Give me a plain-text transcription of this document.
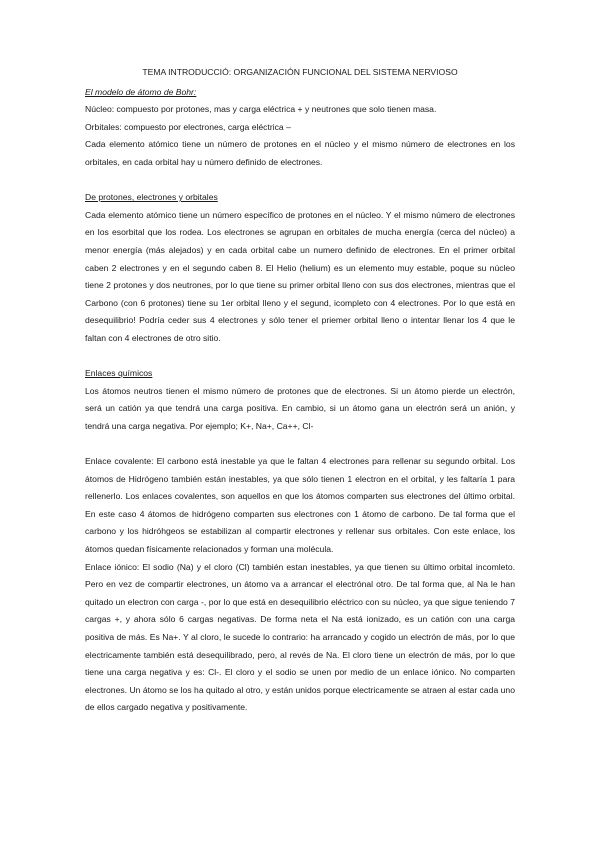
TEMA INTRODUCCIÓ: ORGANIZACIÓN FUNCIONAL DEL SISTEMA NERVIOSO

El modelo de átomo de Bohr:

Núcleo: compuesto por protones, mas y carga eléctrica + y neutrones que solo tienen masa.

Orbitales: compuesto por electrones, carga eléctrica –

Cada elemento atómico tiene un número de protones en el núcleo y el mismo número de electrones en los orbitales, en cada orbital hay u número definido de electrones.

De protones, electrones y orbitales

Cada elemento atómico tiene un número específico de protones en el núcleo. Y el mismo número de electrones en los esorbital que los rodea. Los electrones se agrupan en orbitales de mucha energía (cerca del núcleo) a menor energía (más alejados) y en cada orbital cabe un numero definido de electrones. En el primer orbital caben 2 electrones y en el segundo caben 8. El Helio (helium) es un elemento muy estable, poque su núcleo tiene 2 protones y dos neutrones, por lo que tiene su primer orbital lleno con sus dos electrones, mientras que el Carbono (con 6 protones) tiene su 1er orbital lleno y el segund, icompleto con 4 electrones. Por lo que está en desequilibrio! Podría ceder sus 4 electrones y sólo tener el priemer orbital lleno o intentar llenar los 4 que le faltan con 4 electrones de otro sitio.

Enlaces químicos

Los átomos neutros tienen el mismo número de protones que de electrones. Si un átomo pierde un electrón, será un catión ya que tendrá una carga positiva. En cambio, si un átomo gana un electrón será un anión, y tendrá una carga negativa. Por ejemplo; K+, Na+, Ca++, Cl-

Enlace covalente: El carbono está inestable ya que le faltan 4 electrones para rellenar su segundo orbital. Los átomos de Hidrógeno también están inestables, ya que sólo tienen 1 electron en el orbital, y les faltaría 1 para rellenerlo. Los enlaces covalentes, son aquellos en que los átomos comparten sus electrones del último orbital. En este caso 4 átomos de hidrógeno comparten sus electrones con 1 átomo de carbono. De tal forma que el carbono y los hidróhgeos se estabilizan al compartir electrones y rellenar sus orbitales. Con este enlace, los átomos quedan físicamente relacionados y forman una molécula.

Enlace iónico: El sodio (Na) y el cloro (Cl) también estan inestables, ya que tienen su último orbital incomleto. Pero en vez de compartir electrones, un átomo va a arrancar el electrónal otro. De tal forma que, al Na le han quitado un electron con carga -, por lo que está en desequilibrio eléctrico con su núcleo, ya que sigue teniendo 7 cargas +, y ahora sólo 6 cargas negativas. De forma neta el Na está ionizado, es un catión con una carga positiva de más. Es Na+. Y al cloro, le sucede lo contrario: ha arrancado y cogido un electrón de más, por lo que electricamente también está desequilibrado, pero, al revés de Na. El cloro tiene un electrón de más, por lo que tiene una carga negativa y es: Cl-. El cloro y el sodio se unen por medio de un enlace iónico. No comparten electrones. Un átomo se los ha quitado al otro, y están unidos porque electricamente se atraen al estar cada uno de ellos cargado negativa y positivamente.
